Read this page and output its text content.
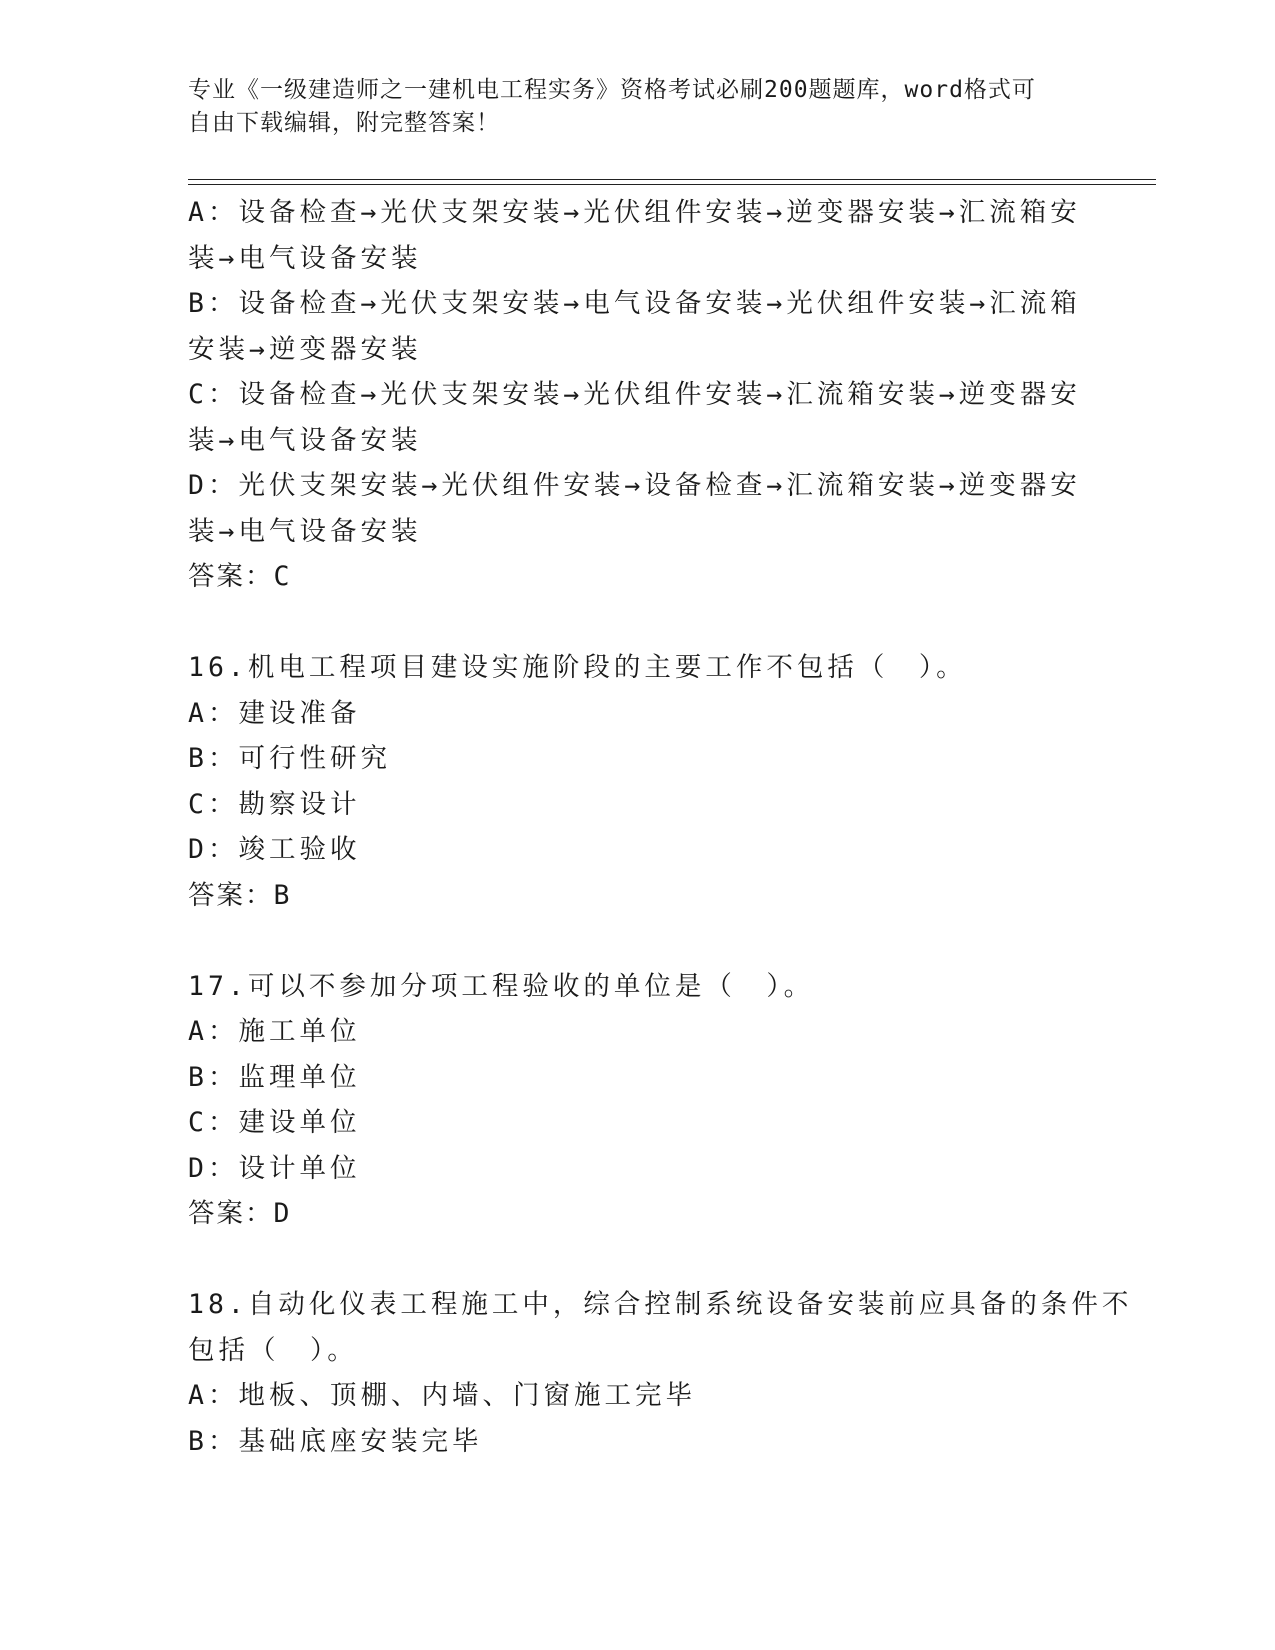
专业《一级建造师之一建机电工程实务》资格考试必刷200题题库，word格式可
自由下载编辑，附完整答案！
A：设备检查→光伏支架安装→光伏组件安装→逆变器安装→汇流箱安
装→电气设备安装
B：设备检查→光伏支架安装→电气设备安装→光伏组件安装→汇流箱
安装→逆变器安装
C：设备检查→光伏支架安装→光伏组件安装→汇流箱安装→逆变器安
装→电气设备安装
D：光伏支架安装→光伏组件安装→设备检查→汇流箱安装→逆变器安
装→电气设备安装
答案：C
16.机电工程项目建设实施阶段的主要工作不包括（　）。
A：建设准备
B：可行性研究
C：勘察设计
D：竣工验收
答案：B
17.可以不参加分项工程验收的单位是（　）。
A：施工单位
B：监理单位
C：建设单位
D：设计单位
答案：D
18.自动化仪表工程施工中，综合控制系统设备安装前应具备的条件不
包括（　）。
A：地板、顶棚、内墙、门窗施工完毕
B：基础底座安装完毕
